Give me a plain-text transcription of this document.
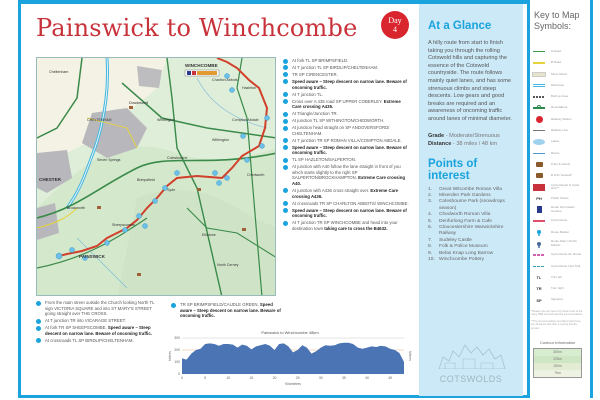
Painswick to Winchcombe	Day
4
PAINSWICK
WINCHCOMBE
CHELTENHAM
CHESTER
Cheltenham
Brockworth
Sheepscombe
Brimpsfield
Syde
Colesbourne
Withington
Chedworth
Compton Abdale
Hazleton
Charlton Abbots
Whittington
Dowdeswell
Seven Springs
Elkstone
North Cerney
At fork TL SP BRIMPSFIELD.
At T junction TL SP BIRDLIP/CHELTENHAM.
TR SP CIRENCESTER.
Speed aware – Steep descent on narrow lane. Beware of oncoming traffic.
At T junction TL.
Cross over A 435 road SP UPPER COBERLEY. Extreme Care crossing A435.
At Triangle/Junction TR.
At junction TL SP WITHINGTON/CHEDWORTH.
At junction head straight on SP ANDOVERSFORD/ CHELTENHAM.
At T junction TR SP ROMAN VILLA/COMPTON ABDALE.
Speed aware – Steep descent on narrow lane. Beware of oncoming traffic.
TL SP HAZLETON/SALPERTON.
At junction with A40 follow the lane straight in front of you which starts slightly to the right SP SALPERTON/BROCKHAMPTON. Extreme Care crossing A40.
At junction with A436 cross straight over. Extreme Care crossing A436.
At crossroads TR SP CHARLTON ABBOTS/ WINCHCOMBE.
Speed aware – Steep descent on narrow lane. Beware of oncoming traffic.
At T junction TR SP WINCHCOMBE and head into your destination town taking care to cross the B4632.
From the main street outside the Church looking North TL sign VICTORIA SQUARE and into ST MARY'S STREET going straight over THE CROSS.
At T junction TR into VICARAGE STREET.
At fork TR SP SHEEPSCOMBE. Speed aware – Steep descent on narrow lane. Beware of oncoming traffic.
At crossroads TL SP BIRDLIP/CHELTENHAM.
TR SP BRIMPSFIELD/CAUDLE GREEN. Speed aware – Steep descent on narrow lane. Beware of oncoming traffic.
Painswick to Winchcombe 48km
0
100
200
300
0	5	10	15	20	25	30	35	40	45
Kilometres
Metres	Metres
At a Glance

A hilly route from start to finish taking you through the rolling Cotswold hills and capturing the essence of the Cotswold countryside. The route follows mainly quiet lanes, and has some strenuous climbs and steep descents. Low gears and good breaks are required and an awareness of oncoming traffic around lanes of minimal diameter.

Grade - Moderate/Strenuous
Distance - 38 miles / 48 km
Points of interest
1.	Great Witcombe Roman Villa
2.	Miserden Park Gardens
3.	Colesbourne Park (snowdrops season)
4.	Chedworth Roman Villa
5.	Denfurlong Farm & Cafe
6.	Gloucestershire Warwickshire Railway
7.	Sudeley Castle
8.	Folk & Police Museum
9.	Belas Knap Long Barrow
10. Winchcombe Pottery
COTSWOLDS
Key to Map Symbols:
A Road
B Road
Minor Road
Motorway
Built up Area
Roundabout
Railway Station
Railway Line
Lakes
Rivers
Pubs & Hotels
B & B / Hostels*
Cycle Repair & Cycle Hire**
PH	Public Toilets
Route Information Centres
Cycle Route
Route Marker
Route Start / Finish Marker
Cycle Route Alt. Route
Cycle Route Link Trail
TL	Turn left
TR	Turn right
SP	Signpost
*Please note we have only listed a few of the many B&B and self-catering accommodation.
**The accommodation providers listed here are all places that offer a cycling friendly service.
Contour Information
300m
225m
150m
75m
